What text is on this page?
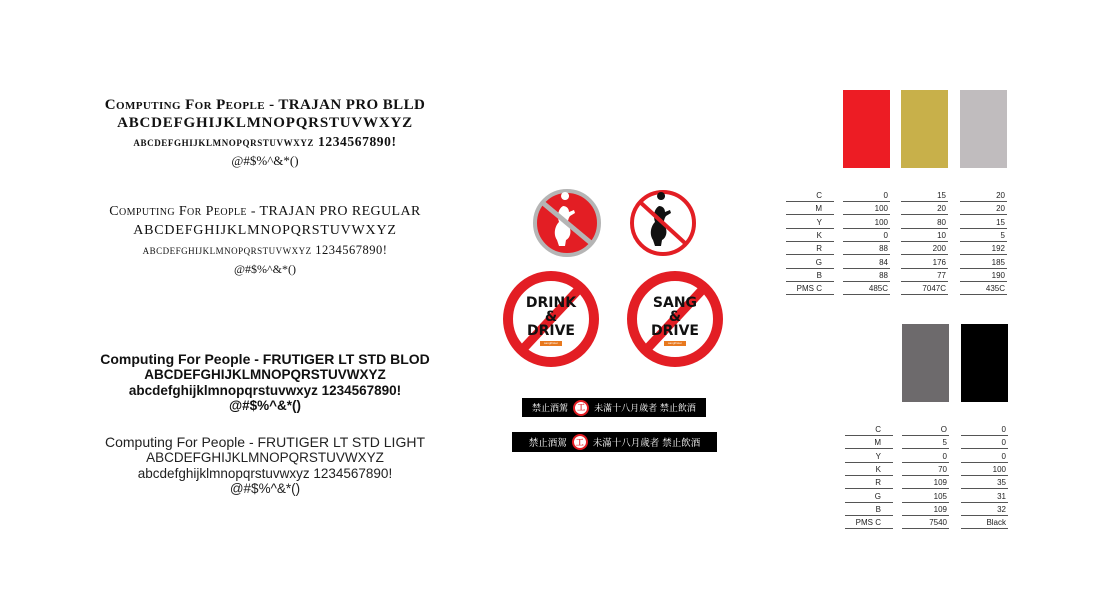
Computing For People - TRAJAN PRO BLLD
ABCDEFGHIJKLMNOPQRSTUVWXYZ
abcdefghijklmnopqrstuvwxyz 1234567890!
@#$%^&*()
Computing For People - TRAJAN PRO REGULAR
ABCDEFGHIJKLMNOPQRSTUVWXYZ
abcdefghijklmnopqrstuvwxyz 1234567890!
@#$%^&*()
Computing For People - FRUTIGER LT STD BLOD
ABCDEFGHIJKLMNOPQRSTUVWXYZ
abcdefghijklmnopqrstuvwxyz 1234567890!
@#$%^&*()
Computing For People - FRUTIGER LT STD LIGHT
ABCDEFGHIJKLMNOPQRSTUVWXYZ
abcdefghijklmnopqrstuvwxyz 1234567890!
@#$%^&*()
DRINK
&
DRIVE
sangfirster
SANG
&
DRIVE
sangfirster
禁止酒駕	工	未滿十八月歲者 禁止飲酒
禁止酒駕	工 未滿十八月歲者 禁止飲酒
C	0	15	20
M	100	20	20
Y	100	80	15
K	0	10	5
R	88	200	192
G	84	176	185
B	88	77	190
PMS C	485C	7047C	435C
C	O	0
M	5	0
Y	0	0
K	70	100
R	109	35
G	105	31
B	109	32
PMS C	7540	Black
